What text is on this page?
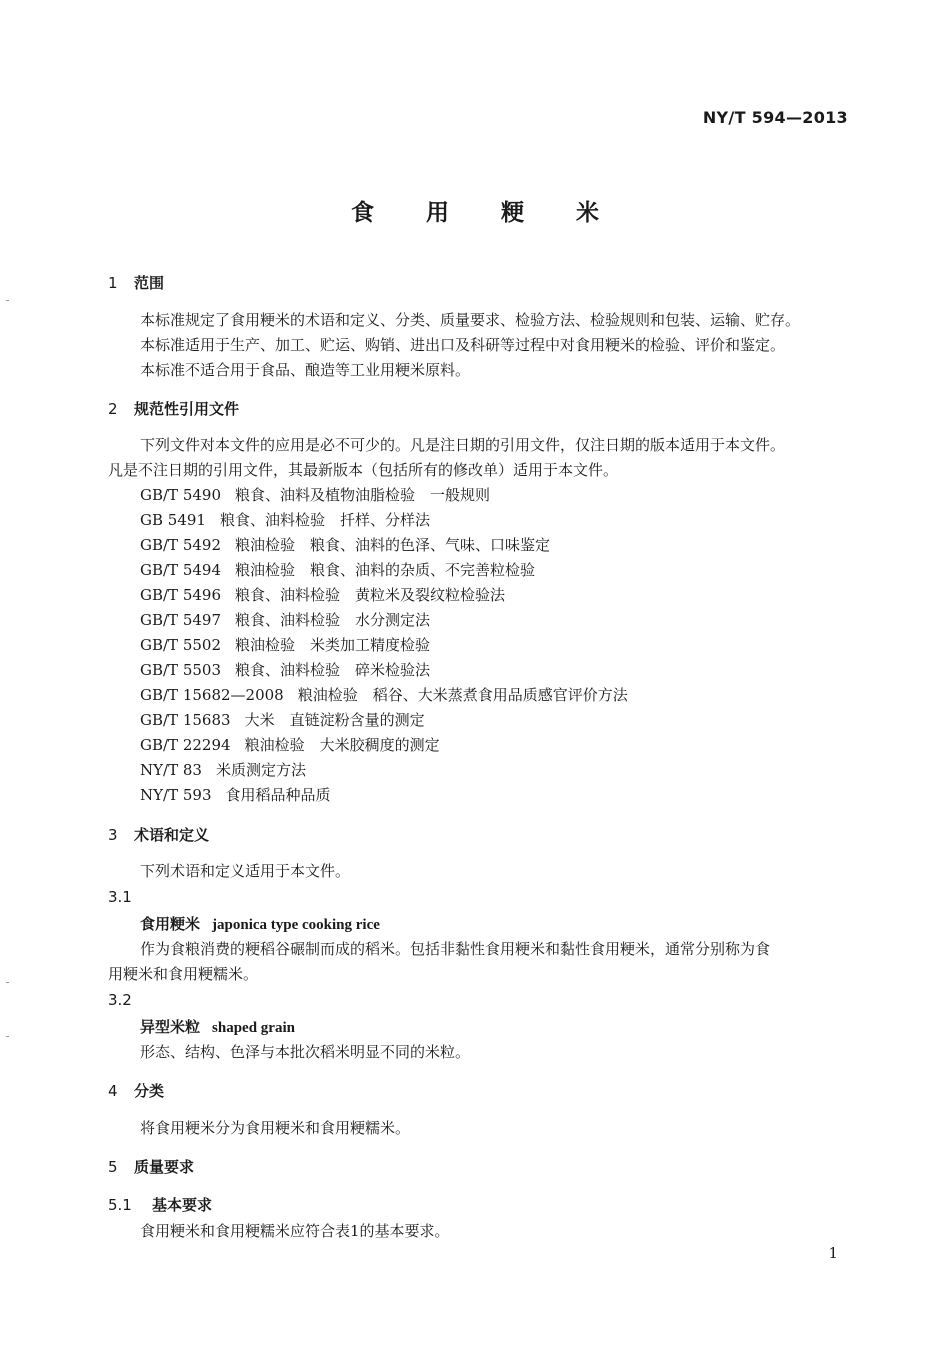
NY/T 594—2013
食 用 粳 米
1 范围
本标准规定了食用粳米的术语和定义、分类、质量要求、检验方法、检验规则和包装、运输、贮存。
本标准适用于生产、加工、贮运、购销、进出口及科研等过程中对食用粳米的检验、评价和鉴定。
本标准不适合用于食品、酿造等工业用粳米原料。
2 规范性引用文件
下列文件对本文件的应用是必不可少的。凡是注日期的引用文件，仅注日期的版本适用于本文件。
凡是不注日期的引用文件，其最新版本（包括所有的修改单）适用于本文件。
GB/T 5490 粮食、油料及植物油脂检验　一般规则
GB 5491 粮食、油料检验　扦样、分样法
GB/T 5492 粮油检验　粮食、油料的色泽、气味、口味鉴定
GB/T 5494 粮油检验　粮食、油料的杂质、不完善粒检验
GB/T 5496 粮食、油料检验　黄粒米及裂纹粒检验法
GB/T 5497 粮食、油料检验　水分测定法
GB/T 5502 粮油检验　米类加工精度检验
GB/T 5503 粮食、油料检验　碎米检验法
GB/T 15682—2008 粮油检验　稻谷、大米蒸煮食用品质感官评价方法
GB/T 15683 大米　直链淀粉含量的测定
GB/T 22294 粮油检验　大米胶稠度的测定
NY/T 83 米质测定方法
NY/T 593 食用稻品种品质
3 术语和定义
下列术语和定义适用于本文件。
3.1
食用粳米 japonica type cooking rice
作为食粮消费的粳稻谷碾制而成的稻米。包括非黏性食用粳米和黏性食用粳米，通常分别称为食
用粳米和食用粳糯米。
3.2
异型米粒 shaped grain
形态、结构、色泽与本批次稻米明显不同的米粒。
4 分类
将食用粳米分为食用粳米和食用粳糯米。
5 质量要求
5.1 基本要求
食用粳米和食用粳糯米应符合表1的基本要求。
1
